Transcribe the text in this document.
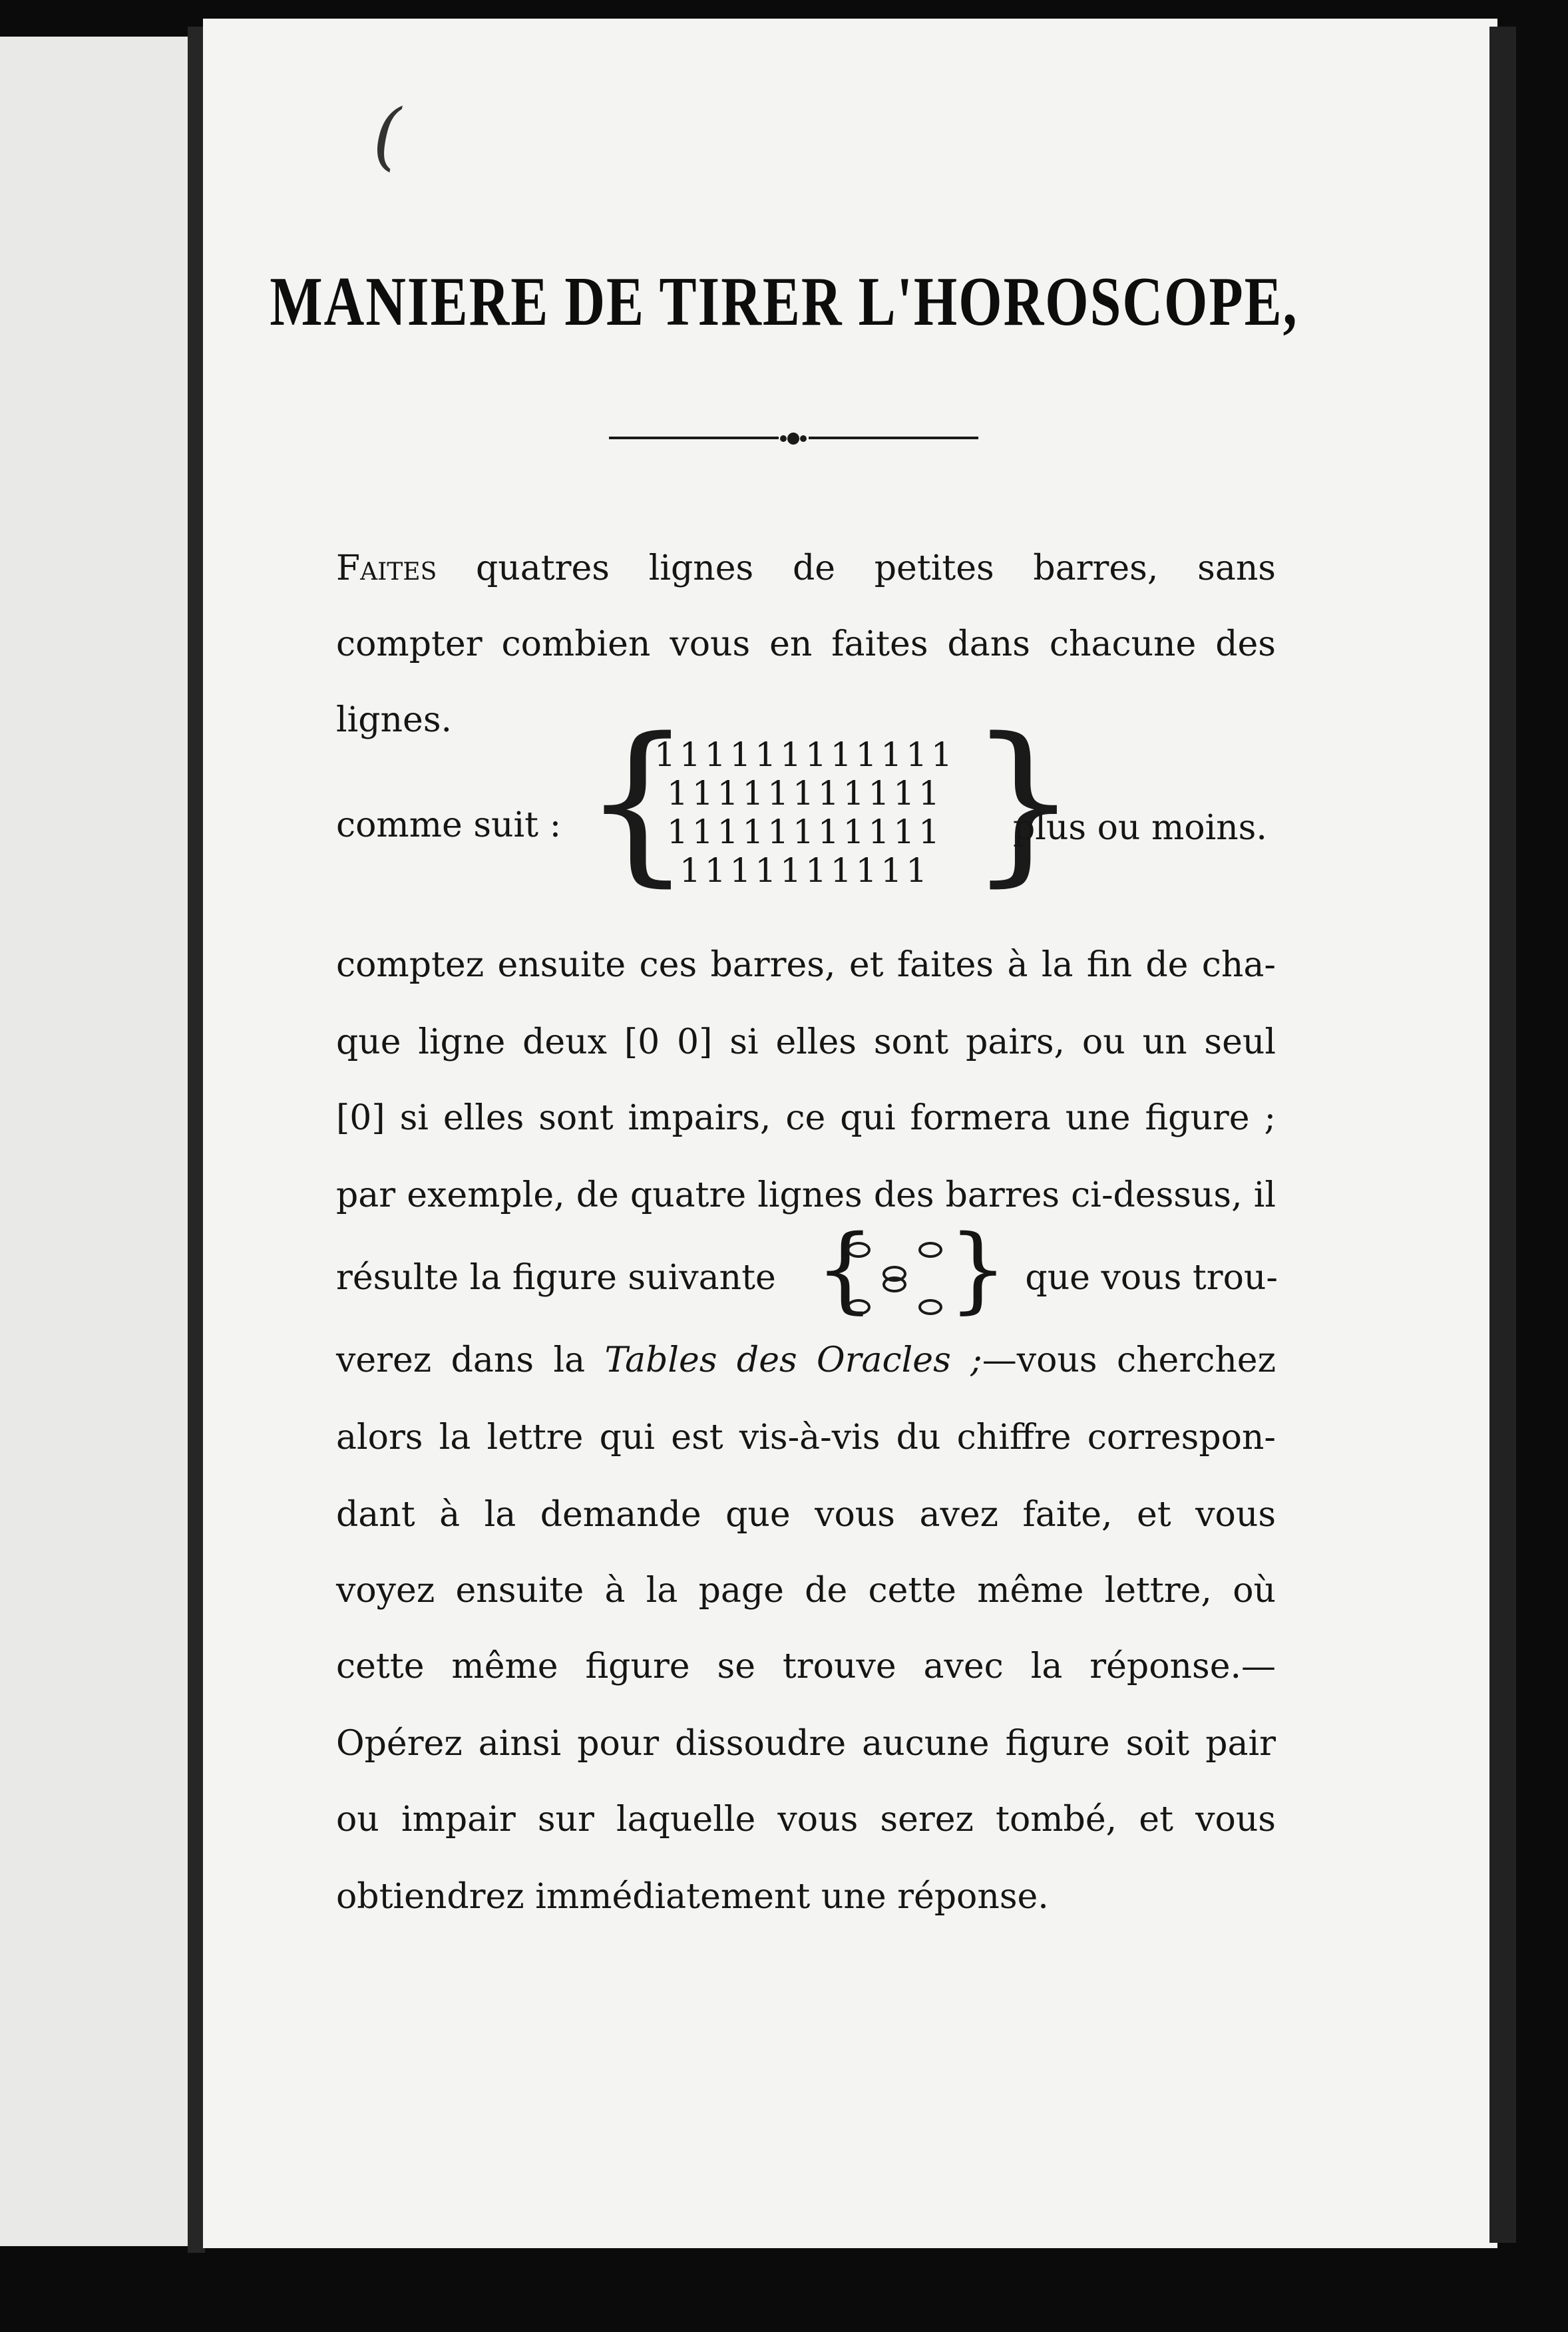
(
MANIERE DE TIRER L'HOROSCOPE,
Faites quatres lignes de petites barres, sans
compter combien vous en faites dans chacune des
lignes.
comme suit : {
111111111111
11111111111
11111111111
1111111111 }
plus ou moins.
comptez ensuite ces barres, et faites à la fin de cha-
que ligne deux [0 0] si elles sont pairs, ou un seul
[0] si elles sont impairs, ce qui formera une figure ;
par exemple, de quatre lignes des barres ci-dessus, il
résulte la figure suivante { } que vous trou-
verez dans la Tables des Oracles ;—vous cherchez
alors la lettre qui est vis-à-vis du chiffre correspon-
dant à la demande que vous avez faite, et vous
voyez ensuite à la page de cette même lettre, où
cette même figure se trouve avec la réponse.—
Opérez ainsi pour dissoudre aucune figure soit pair
ou impair sur laquelle vous serez tombé, et vous
obtiendrez immédiatement une réponse.
